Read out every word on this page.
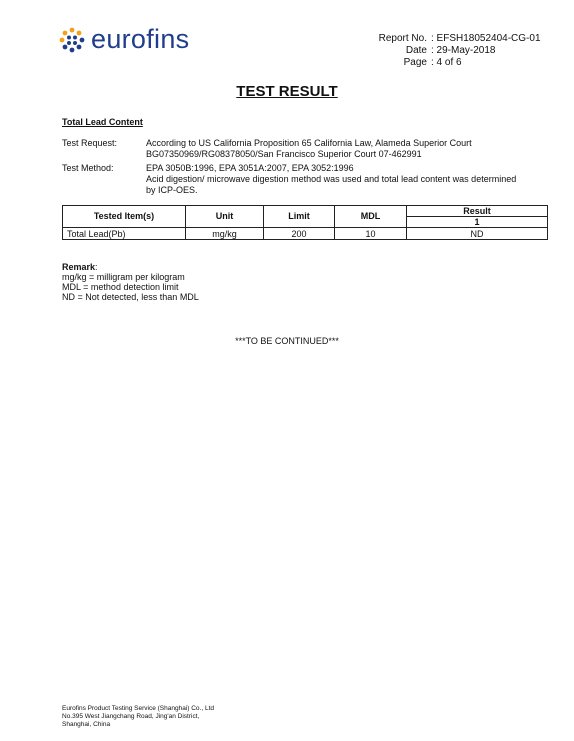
eurofins	Report No. : EFSH18052404-CG-01
Date : 29-May-2018
Page : 4 of 6
TEST RESULT
Total Lead Content
Test Request:	According to US California Proposition 65 California Law, Alameda Superior Court
BG07350969/RG08378050/San Francisco Superior Court 07-462991
Test Method:	EPA 3050B:1996, EPA 3051A:2007, EPA 3052:1996
Acid digestion/ microwave digestion method was used and total lead content was determined
by ICP-OES.
Tested Item(s)	Unit	Limit	MDL	Result
				1
Total Lead(Pb)	mg/kg	200	10	ND
Remark:
mg/kg = milligram per kilogram
MDL = method detection limit
ND = Not detected, less than MDL
***TO BE CONTINUED***
Eurofins Product Testing Service (Shanghai) Co., Ltd
No.395 West Jiangchang Road, Jing'an District,
Shanghai, China
